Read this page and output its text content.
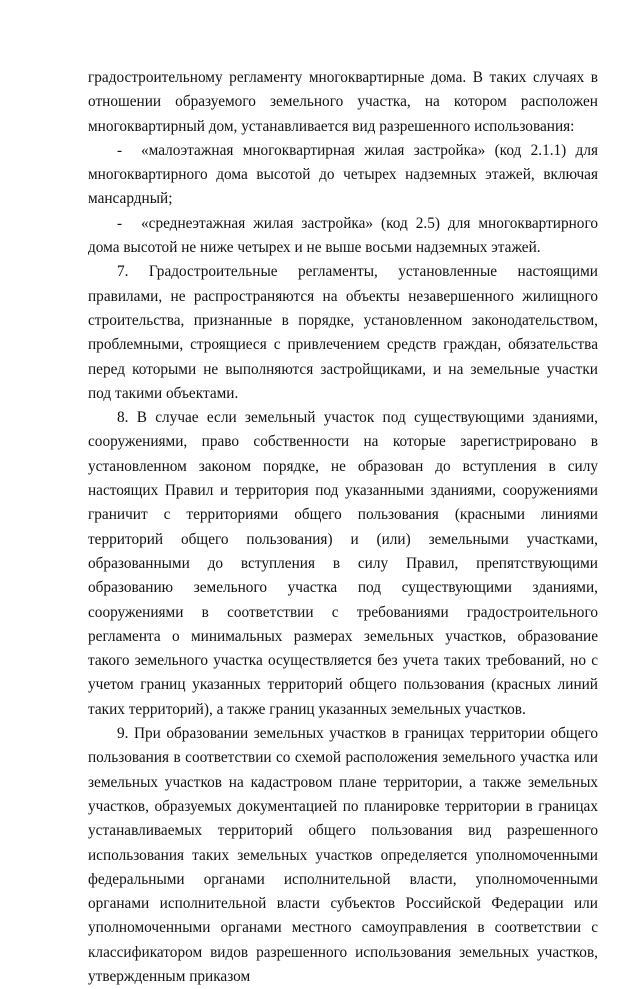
градостроительному регламенту многоквартирные дома. В таких случаях в отношении образуемого земельного участка, на котором расположен многоквартирный дом, устанавливается вид разрешенного использования:

- «малоэтажная многоквартирная жилая застройка» (код 2.1.1) для многоквартирного дома высотой до четырех надземных этажей, включая мансардный;

- «среднеэтажная жилая застройка» (код 2.5) для многоквартирного дома высотой не ниже четырех и не выше восьми надземных этажей.

7. Градостроительные регламенты, установленные настоящими правилами, не распространяются на объекты незавершенного жилищного строительства, признанные в порядке, установленном законодательством, проблемными, строящиеся с привлечением средств граждан, обязательства перед которыми не выполняются застройщиками, и на земельные участки под такими объектами.

8. В случае если земельный участок под существующими зданиями, сооружениями, право собственности на которые зарегистрировано в установленном законом порядке, не образован до вступления в силу настоящих Правил и территория под указанными зданиями, сооружениями граничит с территориями общего пользования (красными линиями территорий общего пользования) и (или) земельными участками, образованными до вступления в силу Правил, препятствующими образованию земельного участка под существующими зданиями, сооружениями в соответствии с требованиями градостроительного регламента о минимальных размерах земельных участков, образование такого земельного участка осуществляется без учета таких требований, но с учетом границ указанных территорий общего пользования (красных линий таких территорий), а также границ указанных земельных участков.

9. При образовании земельных участков в границах территории общего пользования в соответствии со схемой расположения земельного участка или земельных участков на кадастровом плане территории, а также земельных участков, образуемых документацией по планировке территории в границах устанавливаемых территорий общего пользования вид разрешенного использования таких земельных участков определяется уполномоченными федеральными органами исполнительной власти, уполномоченными органами исполнительной власти субъектов Российской Федерации или уполномоченными органами местного самоуправления в соответствии с классификатором видов разрешенного использования земельных участков, утвержденным приказом
